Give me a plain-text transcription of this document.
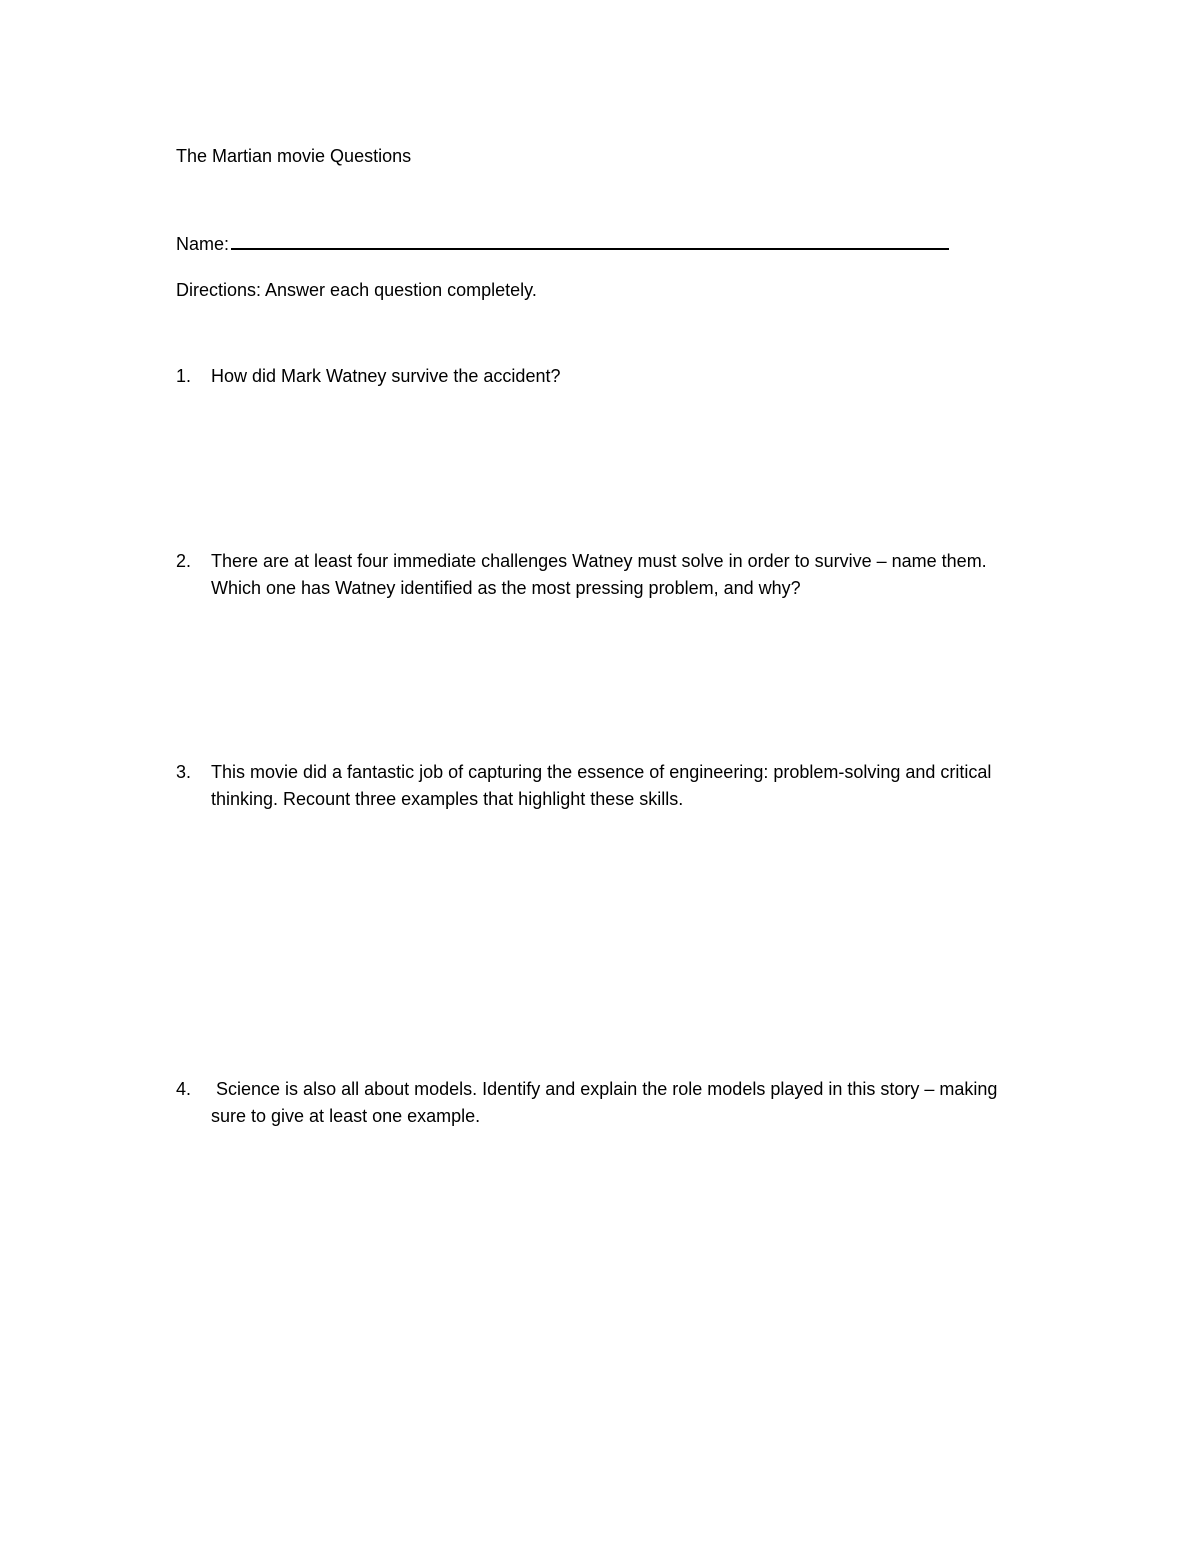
The Martian movie Questions

Name:

Directions: Answer each question completely.

1.	How did Mark Watney survive the accident?
2.	There are at least four immediate challenges Watney must solve in order to survive – name them. Which one has Watney identified as the most pressing problem, and why?
3.	This movie did a fantastic job of capturing the essence of engineering: problem-solving and critical thinking. Recount three examples that highlight these skills.
4.	Science is also all about models. Identify and explain the role models played in this story – making sure to give at least one example.
